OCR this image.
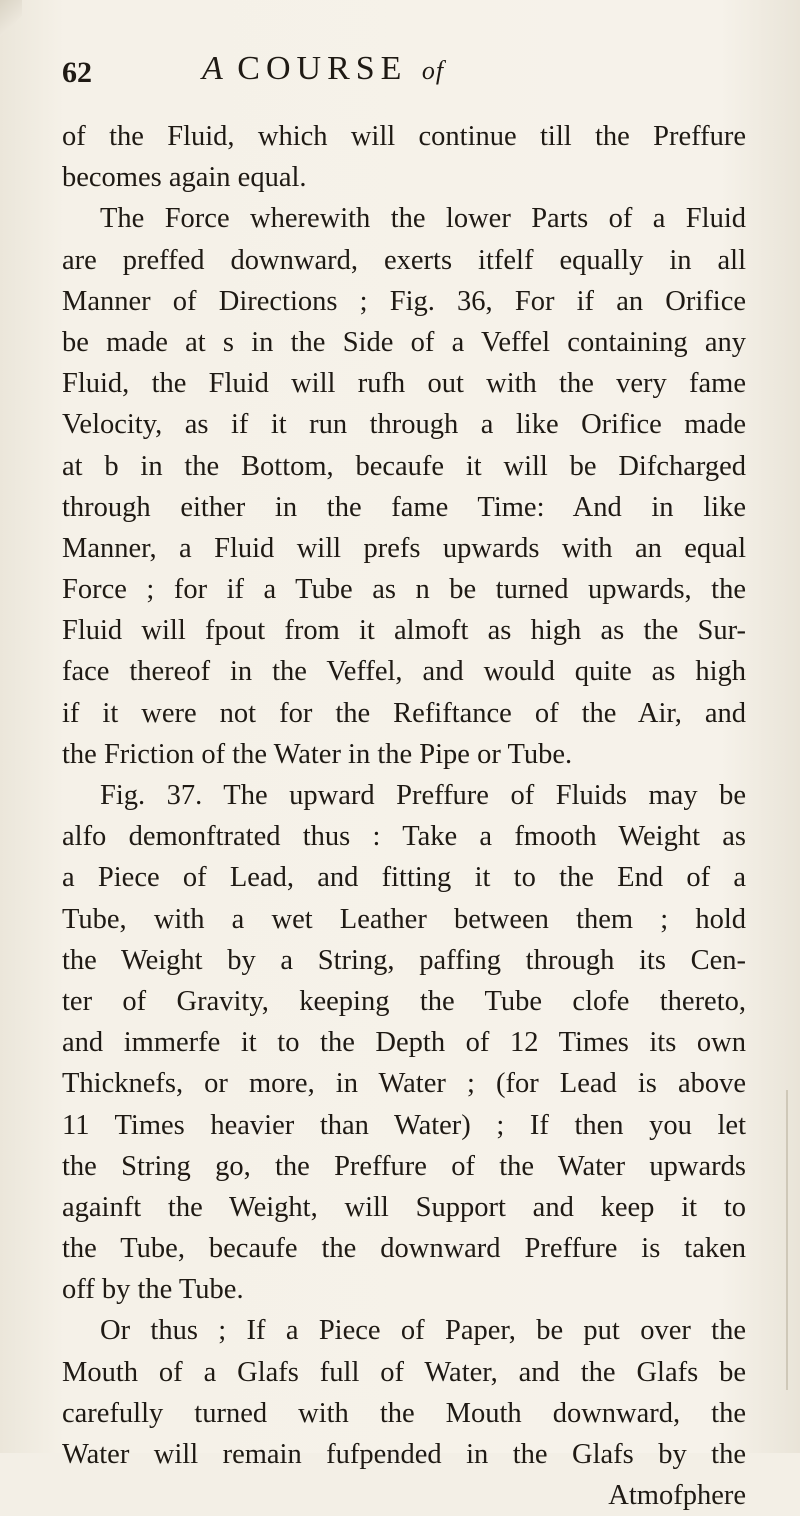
62	A COURSE of
of the Fluid, which will continue till the Preffure
becomes again equal.
The Force wherewith the lower Parts of a Fluid
are preffed downward, exerts itfelf equally in all
Manner of Directions ; Fig. 36, For if an Orifice
be made at s in the Side of a Veffel containing any
Fluid, the Fluid will rufh out with the very fame
Velocity, as if it run through a like Orifice made
at b in the Bottom, becaufe it will be Difcharged
through either in the fame Time: And in like
Manner, a Fluid will prefs upwards with an equal
Force ; for if a Tube as n be turned upwards, the
Fluid will fpout from it almoft as high as the Sur-
face thereof in the Veffel, and would quite as high
if it were not for the Refiftance of the Air, and
the Friction of the Water in the Pipe or Tube.
Fig. 37. The upward Preffure of Fluids may be
alfo demonftrated thus : Take a fmooth Weight as
a Piece of Lead, and fitting it to the End of a
Tube, with a wet Leather between them ; hold
the Weight by a String, paffing through its Cen-
ter of Gravity, keeping the Tube clofe thereto,
and immerfe it to the Depth of 12 Times its own
Thicknefs, or more, in Water ; (for Lead is above
11 Times heavier than Water) ; If then you let
the String go, the Preffure of the Water upwards
againft the Weight, will Support and keep it to
the Tube, becaufe the downward Preffure is taken
off by the Tube.
Or thus ; If a Piece of Paper, be put over the
Mouth of a Glafs full of Water, and the Glafs be
carefully turned with the Mouth downward, the
Water will remain fufpended in the Glafs by the
Atmofphere
